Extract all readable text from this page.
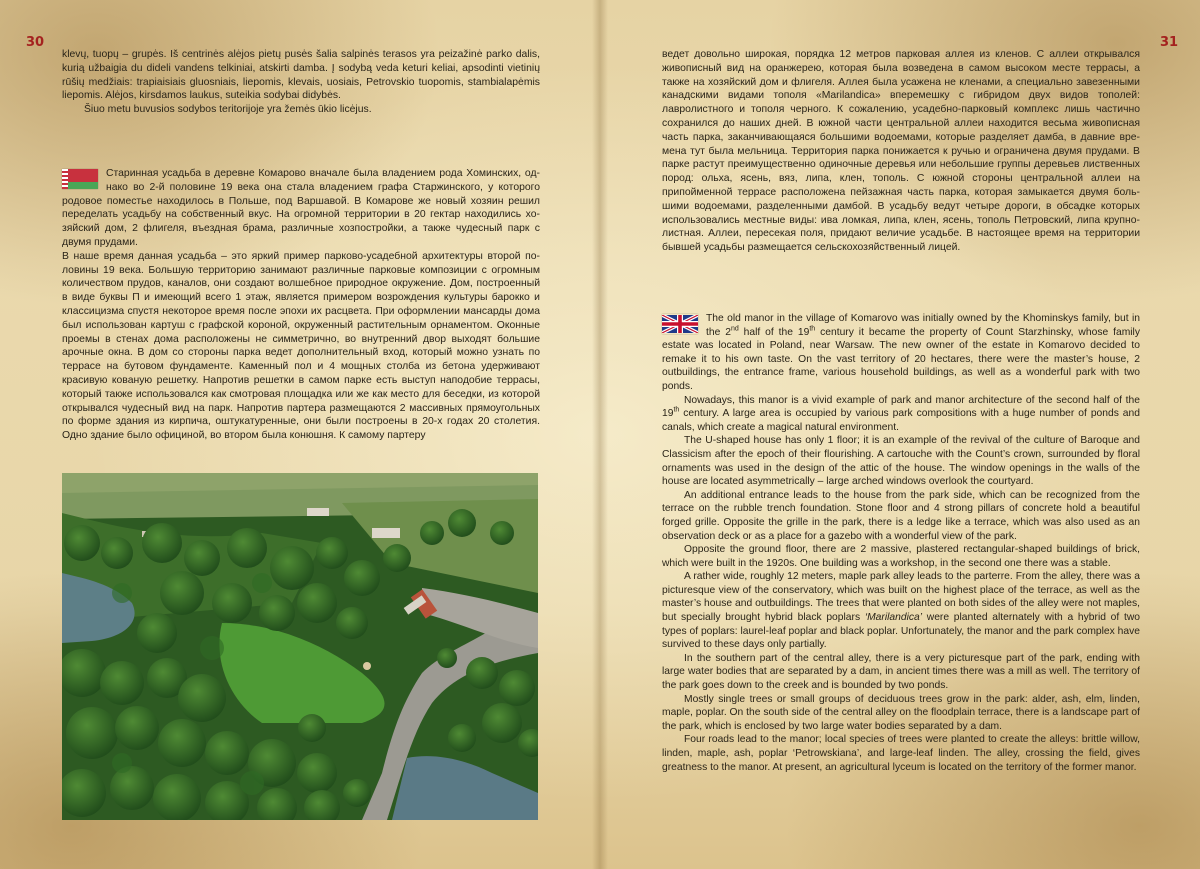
30	31

klevų, tuopų – grupės. Iš centrinės alėjos pietų pusės šalia salpinės terasos yra peizažinė parko dalis, kurią užbaigia du dideli vandens telkiniai, atskirti damba. Į sodybą veda keturi keliai, apsodinti vietinių rūšių medžiais: trapiaisiais gluosniais, liepomis, klevais, uosiais, Petrovskio tuopomis, stambialapėmis liepomis. Alėjos, kirsdamos laukus, suteikia sodybai didybės.

Šiuo metu buvusios sodybos teritorijoje yra žemės ūkio licėjus.

Старинная усадьба в деревне Комарово вначале была владением рода Хоминских, однако во 2-й половине 19 века она стала владением графа Старжинского, у которого родовое поместье находилось в Польше, под Варшавой. В Комарове же новый хозяин решил переделать усадьбу на собственный вкус. На огромной территории в 20 гектар находились хозяйский дом, 2 флигеля, въездная брама, различные хозпостройки, а также чудесный парк с двумя прудами.

В наше время данная усадьба – это яркий пример парково-усадебной архитектуры второй половины 19 века. Большую территорию занимают различные парковые композиции с огромным количеством прудов, каналов, они создают волшебное природное окружение. Дом, построенный в виде буквы П и имеющий всего 1 этаж, является примером возрождения культуры барокко и классицизма спустя некоторое время после эпохи их расцвета. При оформлении мансарды дома был использован картуш с графской короной, окруженный растительным орнаментом. Оконные проемы в стенах дома расположены не симметрично, во внутренний двор выходят большие арочные окна. В дом со стороны парка ведет дополнительный вход, который можно узнать по террасе на бутовом фундаменте. Каменный пол и 4 мощных столба из бетона удерживают красивую кованую решетку. Напротив решетки в самом парке есть выступ наподобие террасы, который также использовался как смотровая площадка или же как место для беседки, из которой открывался чудесный вид на парк. Напротив партера размещаются 2 массивных прямоугольных по форме здания из кирпича, оштукатуренные, они были построены в 20-х годах 20 столетия. Одно здание было официной, во втором была конюшня. К самому партеру

ведет довольно широкая, порядка 12 метров парковая аллея из кленов. С аллеи открывался живописный вид на оранжерею, которая была возведена в самом высоком месте террасы, а также на хозяйский дом и флигеля. Аллея была усажена не кленами, а специально завезенными канадскими видами тополя «Marilandica» вперемешку с гибридом двух видов тополей: лавролистного и тополя черного. К сожалению, усадебно-парковый комплекс лишь частично сохранился до наших дней. В южной части центральной аллеи находится весьма живописная часть парка, заканчивающаяся большими водоемами, которые разделяет дамба, в давние времена тут была мельница. Территория парка понижается к ручью и ограничена двумя прудами. В парке растут преимущественно одиночные деревья или небольшие группы деревьев лиственных пород: ольха, ясень, вяз, липа, клен, тополь. С южной стороны центральной аллеи на припойменной террасе расположена пейзажная часть парка, которая замыкается двумя большими водоемами, разделенными дамбой. В усадьбу ведут четыре дороги, в обсадке которых использовались местные виды: ива ломкая, липа, клен, ясень, тополь Петровский, липа крупнолистная. Аллеи, пересекая поля, придают величие усадьбе. В настоящее время на территории бывшей усадьбы размещается сельскохозяйственный лицей.

The old manor in the village of Komarovo was initially owned by the Khominskys family, but in the 2nd half of the 19th century it became the property of Count Starzhinsky, whose family estate was located in Poland, near Warsaw. The new owner of the estate in Komarovo decided to remake it to his own taste. On the vast territory of 20 hectares, there were the master’s house, 2 outbuildings, the entrance frame, various household buildings, as well as a wonderful park with two ponds.

Nowadays, this manor is a vivid example of park and manor architecture of the second half of the 19th century. A large area is occupied by various park compositions with a huge number of ponds and canals, which create a magical natural environment.

The U-shaped house has only 1 floor; it is an example of the revival of the culture of Baroque and Classicism after the epoch of their flourishing. A cartouche with the Count’s crown, surrounded by floral ornaments was used in the design of the attic of the house. The window openings in the walls of the house are located asymmetrically – large arched windows overlook the courtyard.

An additional entrance leads to the house from the park side, which can be recognized from the terrace on the rubble trench foundation. Stone floor and 4 strong pillars of concrete hold a beautiful forged grille. Opposite the grille in the park, there is a ledge like a terrace, which was also used as an observation deck or as a place for a gazebo with a wonderful view of the park.

Opposite the ground floor, there are 2 massive, plastered rectangular-shaped buildings of brick, which were built in the 1920s. One building was a workshop, in the second one there was a stable.

A rather wide, roughly 12 meters, maple park alley leads to the parterre. From the alley, there was a picturesque view of the conservatory, which was built on the highest place of the terrace, as well as the master’s house and outbuildings. The trees that were planted on both sides of the alley were not maples, but specially brought hybrid black poplars ‘Marilandica’ were planted alternately with a hybrid of two types of poplars: laurel-leaf poplar and black poplar. Unfortunately, the manor and the park complex have survived to these days only partially.

In the southern part of the central alley, there is a very picturesque part of the park, ending with large water bodies that are separated by a dam, in ancient times there was a mill as well. The territory of the park goes down to the creek and is bounded by two ponds.

Mostly single trees or small groups of deciduous trees grow in the park: alder, ash, elm, linden, maple, poplar. On the south side of the central alley on the floodplain terrace, there is a landscape part of the park, which is enclosed by two large water bodies separated by a dam.

Four roads lead to the manor; local species of trees were planted to create the alleys: brittle willow, linden, maple, ash, poplar ‘Petrowskiana’, and large-leaf linden. The alley, crossing the field, gives greatness to the manor. At present, an agricultural lyceum is located on the territory of the former manor.
